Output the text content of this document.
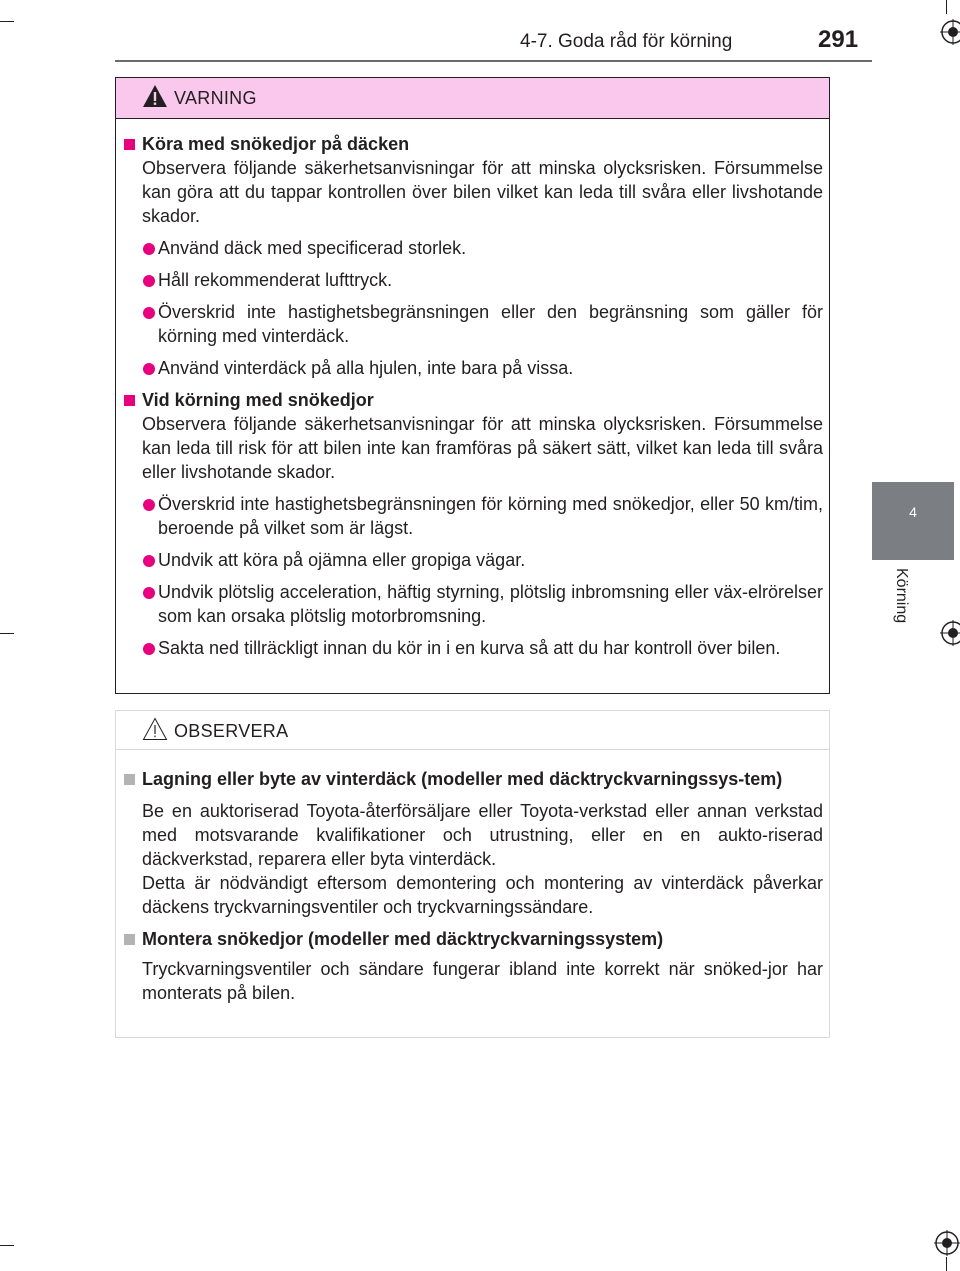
4-7. Goda råd för körning	291
4
Körning
VARNING
Köra med snökedjor på däcken
Observera följande säkerhetsanvisningar för att minska olycksrisken. Försummelse kan göra att du tappar kontrollen över bilen vilket kan leda till svåra eller livshotande skador.
Använd däck med specificerad storlek.
Håll rekommenderat lufttryck.
Överskrid inte hastighetsbegränsningen eller den begränsning som gäller för körning med vinterdäck.
Använd vinterdäck på alla hjulen, inte bara på vissa.
Vid körning med snökedjor
Observera följande säkerhetsanvisningar för att minska olycksrisken. Försummelse kan leda till risk för att bilen inte kan framföras på säkert sätt, vilket kan leda till svåra eller livshotande skador.
Överskrid inte hastighetsbegränsningen för körning med snökedjor, eller 50 km/tim, beroende på vilket som är lägst.
Undvik att köra på ojämna eller gropiga vägar.
Undvik plötslig acceleration, häftig styrning, plötslig inbromsning eller väx-elrörelser som kan orsaka plötslig motorbromsning.
Sakta ned tillräckligt innan du kör in i en kurva så att du har kontroll över bilen.
OBSERVERA
Lagning eller byte av vinterdäck (modeller med däcktryckvarningssys-tem)
Be en auktoriserad Toyota-återförsäljare eller Toyota-verkstad eller annan verkstad med motsvarande kvalifikationer och utrustning, eller en en aukto-riserad däckverkstad, reparera eller byta vinterdäck.
Detta är nödvändigt eftersom demontering och montering av vinterdäck påverkar däckens tryckvarningsventiler och tryckvarningssändare.
Montera snökedjor (modeller med däcktryckvarningssystem)
Tryckvarningsventiler och sändare fungerar ibland inte korrekt när snöked-jor har monterats på bilen.
